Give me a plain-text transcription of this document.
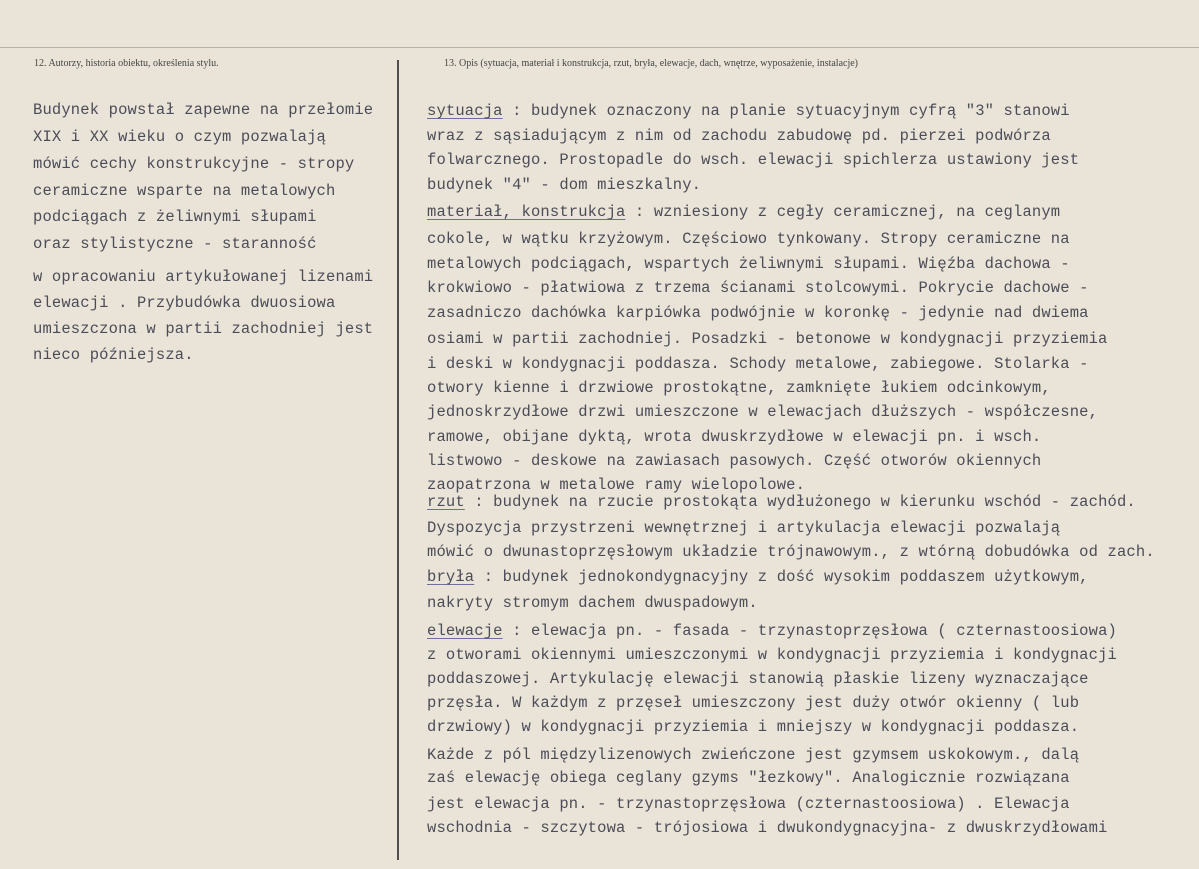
12. Autorzy, historia obiektu, określenia stylu.	13. Opis (sytuacja, materiał i konstrukcja, rzut, bryła, elewacje, dach, wnętrze, wyposażenie, instalacje)

Budynek powstał zapewne na przełomie

XIX i XX wieku o czym pozwalają

mówić cechy konstrukcyjne - stropy

ceramiczne wsparte na metalowych

podciągach z żeliwnymi słupami

oraz stylistyczne - staranność

w opracowaniu artykułowanej lizenami

elewacji . Przybudówka dwuosiowa

umieszczona w partii zachodniej jest

nieco późniejsza.

sytuacja : budynek oznaczony na planie sytuacyjnym cyfrą "3" stanowi

wraz z sąsiadującym z nim od zachodu zabudowę pd. pierzei podwórza

folwarcznego. Prostopadle do wsch. elewacji spichlerza ustawiony jest

budynek "4" - dom mieszkalny.

materiał, konstrukcja : wzniesiony z cegły ceramicznej, na ceglanym

cokole, w wątku krzyżowym. Częściowo tynkowany. Stropy ceramiczne na

metalowych podciągach, wspartych żeliwnymi słupami. Więźba dachowa -

krokwiowo - płatwiowa z trzema ścianami stolcowymi. Pokrycie dachowe -

zasadniczo dachówka karpiówka podwójnie w koronkę - jedynie nad dwiema

osiami w partii zachodniej. Posadzki - betonowe w kondygnacji przyziemia

i deski w kondygnacji poddasza. Schody metalowe, zabiegowe. Stolarka -

otwory kienne i drzwiowe prostokątne, zamknięte łukiem odcinkowym,

jednoskrzydłowe drzwi umieszczone w elewacjach dłuższych - współczesne,

ramowe, obijane dyktą, wrota dwuskrzydłowe w elewacji pn. i wsch.

listwowo - deskowe na zawiasach pasowych. Część otworów okiennych

zaopatrzona w metalowe ramy wielopolowe.

rzut : budynek na rzucie prostokąta wydłużonego w kierunku wschód - zachód.

Dyspozycja przystrzeni wewnętrznej i artykulacja elewacji pozwalają

mówić o dwunastoprzęsłowym układzie trójnawowym., z wtórną dobudówka od zach.

bryła : budynek jednokondygnacyjny z dość wysokim poddaszem użytkowym,

nakryty stromym dachem dwuspadowym.

elewacje : elewacja pn. - fasada - trzynastoprzęsłowa ( czternastoosiowa)

z otworami okiennymi umieszczonymi w kondygnacji przyziemia i kondygnacji

poddaszowej. Artykulację elewacji stanowią płaskie lizeny wyznaczające

przęsła. W każdym z przęseł umieszczony jest duży otwór okienny ( lub

drzwiowy) w kondygnacji przyziemia i mniejszy w kondygnacji poddasza.

Każde z pól międzylizenowych zwieńczone jest gzymsem uskokowym., dalą

zaś elewację obiega ceglany gzyms "łezkowy". Analogicznie rozwiązana

jest elewacja pn. - trzynastoprzęsłowa (czternastoosiowa) . Elewacja

wschodnia - szczytowa - trójosiowa i dwukondygnacyjna- z dwuskrzydłowami
